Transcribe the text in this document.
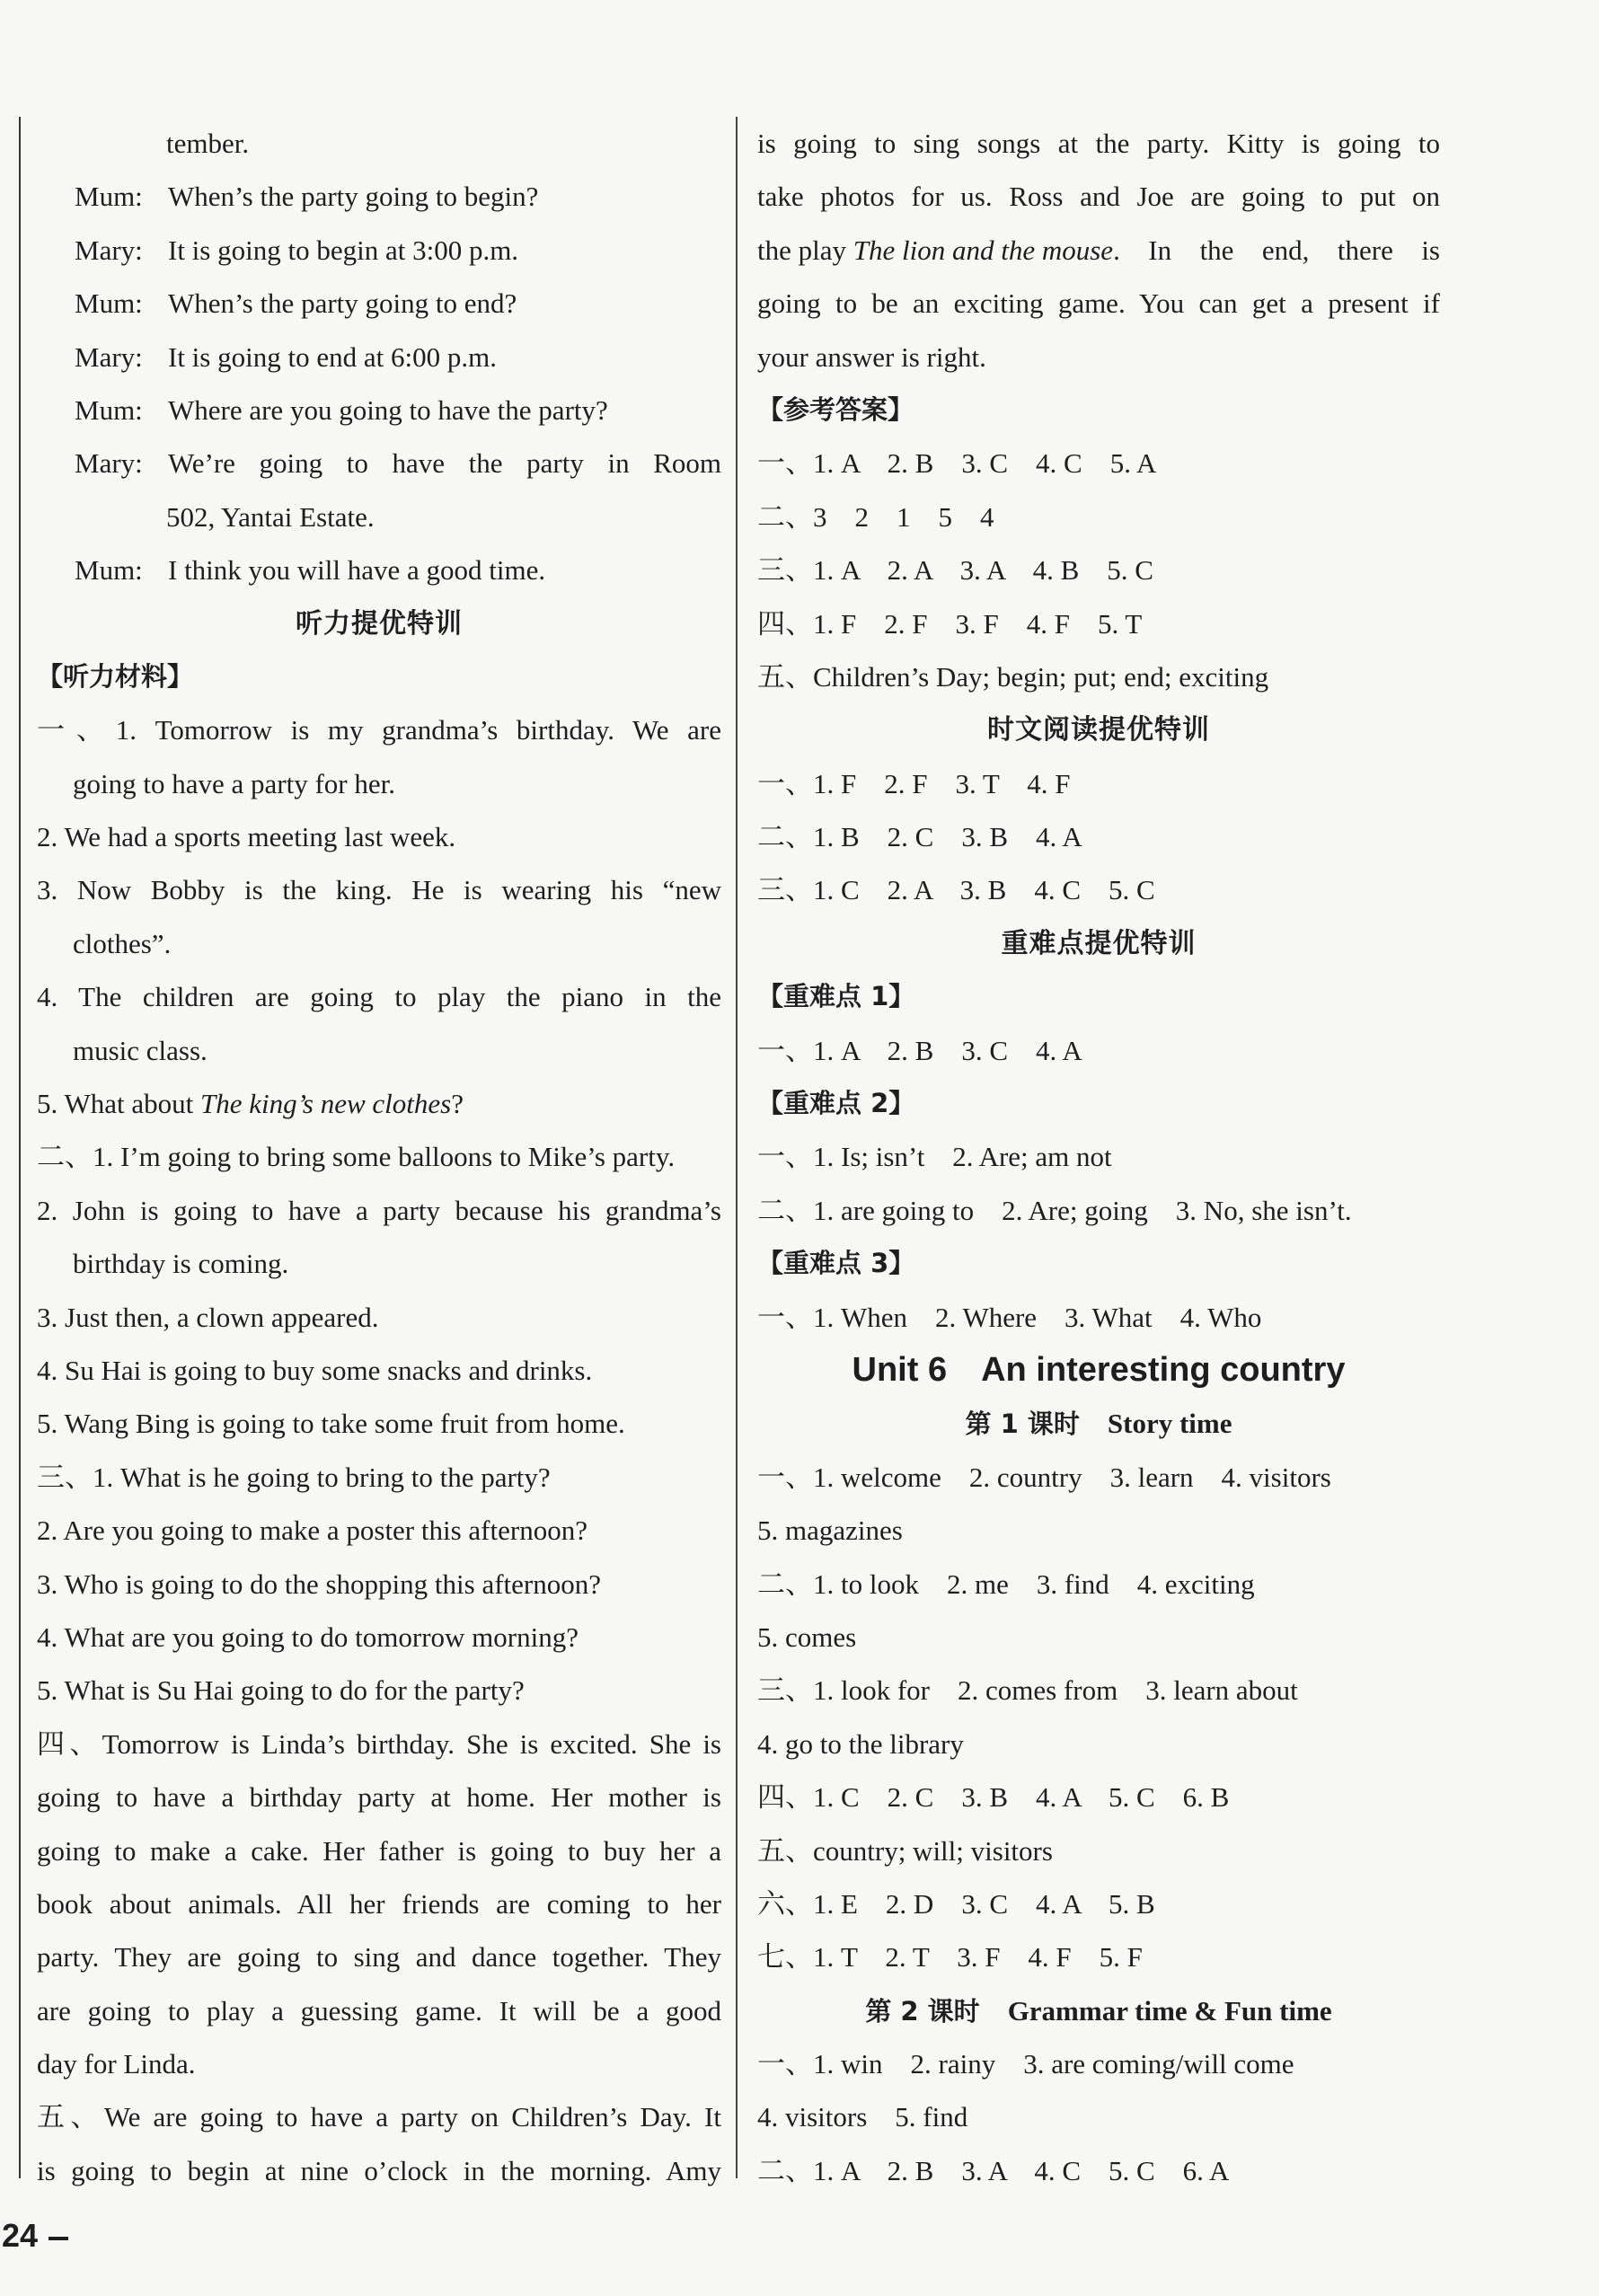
tember.
Mum: When’s the party going to begin?
Mary: It is going to begin at 3:00 p.m.
Mum: When’s the party going to end?
Mary: It is going to end at 6:00 p.m.
Mum: Where are you going to have the party?
Mary: We’re going to have the party in Room
502, Yantai Estate.
Mum: I think you will have a good time.
听力提优特训
【听力材料】
一、1. Tomorrow is my grandma’s birthday. We are
going to have a party for her.
2. We had a sports meeting last week.
3. Now Bobby is the king. He is wearing his “new
clothes”.
4. The children are going to play the piano in the
music class.
5. What about The king’s new clothes?
二、1. I’m going to bring some balloons to Mike’s party.
2. John is going to have a party because his grandma’s
birthday is coming.
3. Just then, a clown appeared.
4. Su Hai is going to buy some snacks and drinks.
5. Wang Bing is going to take some fruit from home.
三、1. What is he going to bring to the party?
2. Are you going to make a poster this afternoon?
3. Who is going to do the shopping this afternoon?
4. What are you going to do tomorrow morning?
5. What is Su Hai going to do for the party?
四、Tomorrow is Linda’s birthday. She is excited. She is
going to have a birthday party at home. Her mother is
going to make a cake. Her father is going to buy her a
book about animals. All her friends are coming to her
party. They are going to sing and dance together. They
are going to play a guessing game. It will be a good
day for Linda.
五、We are going to have a party on Children’s Day. It
is going to begin at nine o’clock in the morning. Amy
is going to sing songs at the party. Kitty is going to
take photos for us. Ross and Joe are going to put on
the play The lion and the mouse . In the end, there is
going to be an exciting game. You can get a present if
your answer is right.
【参考答案】
一、1. A　2. B　3. C　4. C　5. A
二、3　2　1　5　4
三、1. A　2. A　3. A　4. B　5. C
四、1. F　2. F　3. F　4. F　5. T
五、Children’s Day; begin; put; end; exciting
时文阅读提优特训
一、1. F　2. F　3. T　4. F
二、1. B　2. C　3. B　4. A
三、1. C　2. A　3. B　4. C　5. C
重难点提优特训
【重难点 1】
一、1. A　2. B　3. C　4. A
【重难点 2】
一、1. Is; isn’t　2. Are; am not
二、1. are going to　2. Are; going　3. No, she isn’t.
【重难点 3】
一、1. When　2. Where　3. What　4. Who
Unit 6　An interesting country
第 1 课时　 Story time
一、1. welcome　2. country　3. learn　4. visitors
5. magazines
二、1. to look　2. me　3. find　4. exciting
5. comes
三、1. look for　2. comes from　3. learn about
4. go to the library
四、1. C　2. C　3. B　4. A　5. C　6. B
五、country; will; visitors
六、1. E　2. D　3. C　4. A　5. B
七、1. T　2. T　3. F　4. F　5. F
第 2 课时　 Grammar time & Fun time
一、1. win　2. rainy　3. are coming/will come
4. visitors　5. find
二、1. A　2. B　3. A　4. C　5. C　6. A
24
